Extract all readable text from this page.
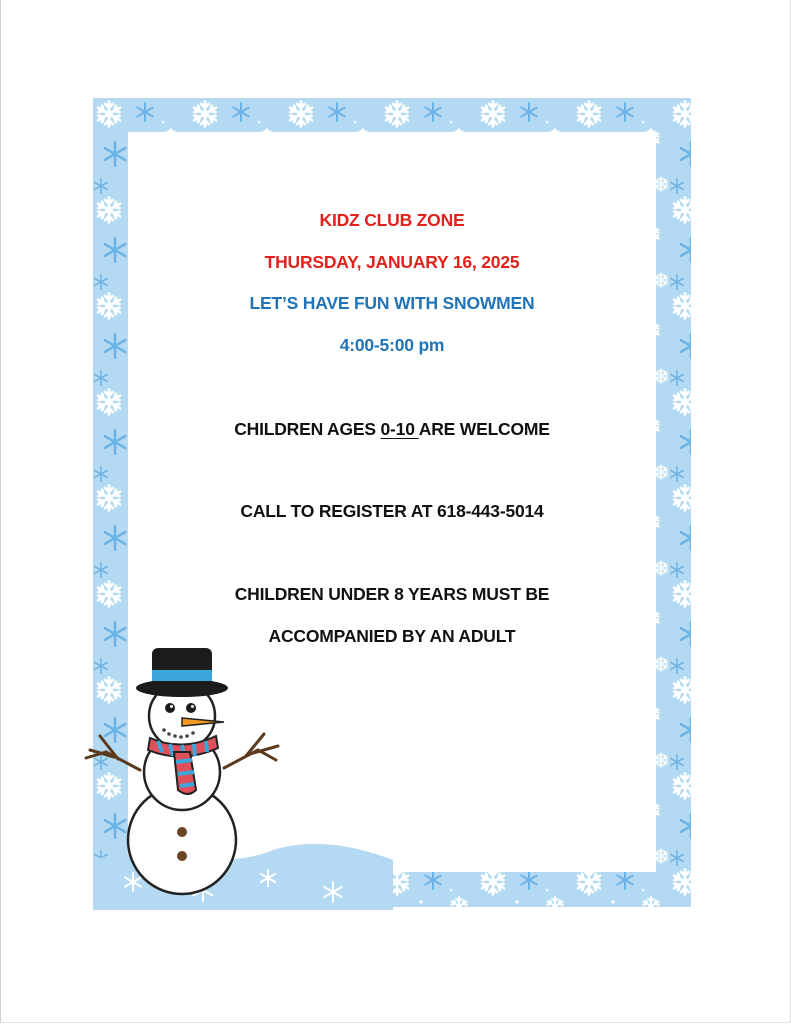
KIDZ CLUB ZONE
THURSDAY, JANUARY 16, 2025
LET’S HAVE FUN WITH SNOWMEN
4:00-5:00 pm
CHILDREN AGES 0-10 ARE WELCOME
CALL TO REGISTER AT 618-443-5014
CHILDREN UNDER 8 YEARS MUST BE
ACCOMPANIED BY AN ADULT
